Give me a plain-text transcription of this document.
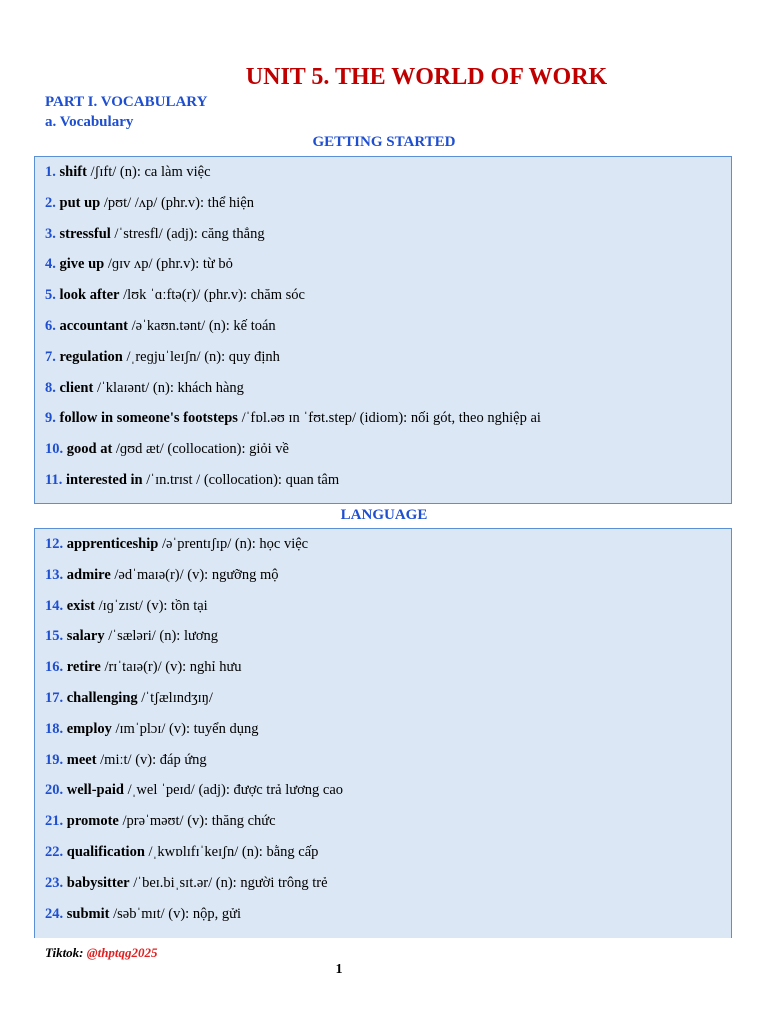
UNIT 5. THE WORLD OF WORK
PART I. VOCABULARY
a. Vocabulary
GETTING STARTED
1. shift /ʃɪft/ (n): ca làm việc
2. put up /pʊt/ /ʌp/ (phr.v): thể hiện
3. stressful /ˈstresfl/ (adj): căng thẳng
4. give up /ɡɪv ʌp/ (phr.v): từ bỏ
5. look after /lʊk ˈɑːftə(r)/ (phr.v): chăm sóc
6. accountant /əˈkaʊn.tənt/ (n): kế toán
7. regulation /ˌreɡjuˈleɪʃn/ (n): quy định
8. client /ˈklaɪənt/ (n): khách hàng
9. follow in someone's footsteps /ˈfɒl.əʊ ɪn ˈfʊt.step/ (idiom): nối gót, theo nghiệp ai
10. good at /ɡʊd æt/ (collocation): giỏi về
11. interested in /ˈɪn.trɪst / (collocation): quan tâm
LANGUAGE
12. apprenticeship /əˈprentɪʃɪp/ (n): học việc
13. admire /ədˈmaɪə(r)/ (v): ngưỡng mộ
14. exist /ɪɡˈzɪst/ (v): tồn tại
15. salary /ˈsæləri/ (n): lương
16. retire /rɪˈtaɪə(r)/ (v): nghỉ hưu
17. challenging /ˈtʃælɪndʒɪŋ/
18. employ /ɪmˈplɔɪ/ (v): tuyển dụng
19. meet /miːt/ (v): đáp ứng
20. well-paid /ˌwel ˈpeɪd/ (adj): được trả lương cao
21. promote /prəˈməʊt/ (v): thăng chức
22. qualification /ˌkwɒlɪfɪˈkeɪʃn/ (n): bằng cấp
23. babysitter /ˈbeɪ.biˌsɪt.ər/ (n): người trông trẻ
24. submit /səbˈmɪt/ (v): nộp, gửi
Tiktok: @thptqg2025
1
